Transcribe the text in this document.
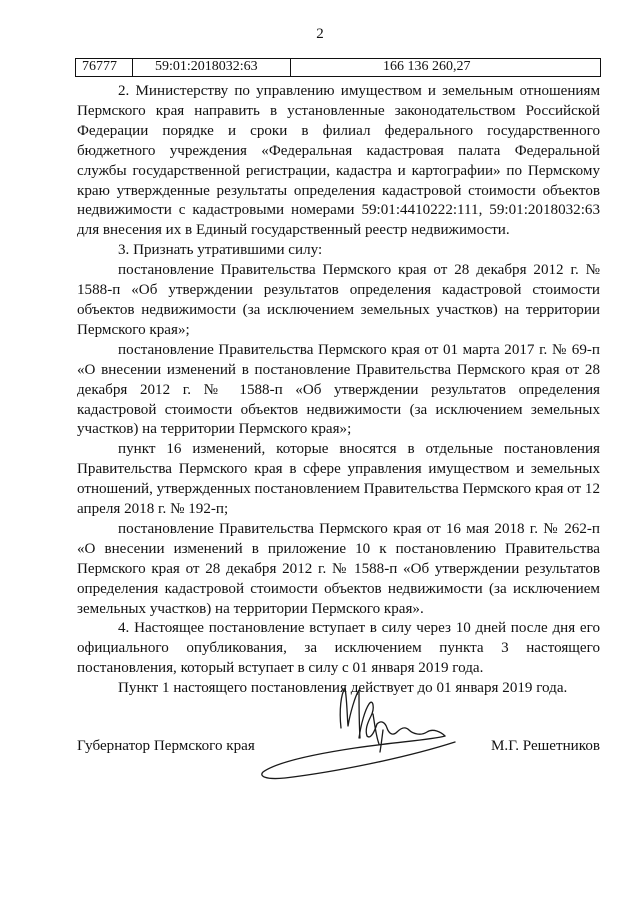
2
76777	59:01:2018032:63	166 136 260,27

2. Министерству по управлению имуществом и земельным отношениям Пермского края направить в установленные законодательством Российской Федерации порядке и сроки в филиал федерального государственного бюджетного учреждения «Федеральная кадастровая палата Федеральной службы государственной регистрации, кадастра и картографии» по Пермскому краю утвержденные результаты определения кадастровой стоимости объектов недвижимости с кадастровыми номерами 59:01:4410222:111, 59:01:2018032:63 для внесения их в Единый государственный реестр недвижимости.

3. Признать утратившими силу:

постановление Правительства Пермского края от 28 декабря 2012 г. № 1588-п «Об утверждении результатов определения кадастровой стоимости объектов недвижимости (за исключением земельных участков) на территории Пермского края»;

постановление Правительства Пермского края от 01 марта 2017 г. № 69-п «О внесении изменений в постановление Правительства Пермского края от 28 декабря 2012 г. № 1588-п «Об утверждении результатов определения кадастровой стоимости объектов недвижимости (за исключением земельных участков) на территории Пермского края»;

пункт 16 изменений, которые вносятся в отдельные постановления Правительства Пермского края в сфере управления имуществом и земельных отношений, утвержденных постановлением Правительства Пермского края от 12 апреля 2018 г. № 192-п;

постановление Правительства Пермского края от 16 мая 2018 г. № 262-п «О внесении изменений в приложение 10 к постановлению Правительства Пермского края от 28 декабря 2012 г. № 1588-п «Об утверждении результатов определения кадастровой стоимости объектов недвижимости (за исключением земельных участков) на территории Пермского края».

4. Настоящее постановление вступает в силу через 10 дней после дня его официального опубликования, за исключением пункта 3 настоящего постановления, который вступает в силу с 01 января 2019 года.

Пункт 1 настоящего постановления действует до 01 января 2019 года.

Губернатор Пермского края	М.Г. Решетников
